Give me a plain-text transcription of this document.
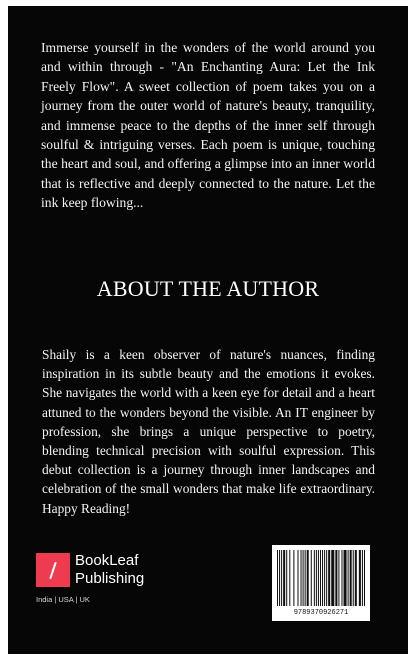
Immerse yourself in the wonders of the world around you and within through - "An Enchanting Aura: Let the Ink Freely Flow". A sweet collection of poem takes you on a journey from the outer world of nature's beauty, tranquility, and immense peace to the depths of the inner self through soulful & intriguing verses. Each poem is unique, touching the heart and soul, and offering a glimpse into an inner world that is reflective and deeply connected to the nature. Let the ink keep flowing...

ABOUT THE AUTHOR

Shaily is a keen observer of nature's nuances, finding inspiration in its subtle beauty and the emotions it evokes. She navigates the world with a keen eye for detail and a heart attuned to the wonders beyond the visible. An IT engineer by profession, she brings a unique perspective to poetry, blending technical precision with soulful expression. This debut collection is a journey through inner landscapes and celebration of the small wonders that make life extraordinary. Happy Reading!

BookLeaf
Publishing
India | USA | UK
9789370926271
